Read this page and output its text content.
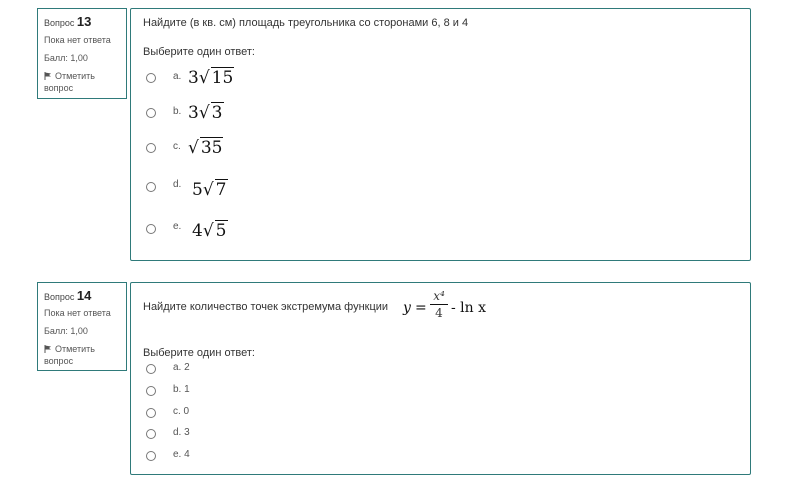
Вопрос 13
Пока нет ответа
Балл: 1,00
Отметить вопрос
Найдите (в кв. см) площадь треугольника со сторонами 6, 8 и 4
Выберите один ответ:
a. 3√ 15
b. 3√ 3
c. √ 35
d. 5√ 7
e. 4√ 5
Вопрос 14
Пока нет ответа
Балл: 1,00
Отметить вопрос
Найдите количество точек экстремума функции
Выберите один ответ:
y =
x⁴
4 - ln x
a. 2
b. 1
c. 0
d. 3
e. 4
